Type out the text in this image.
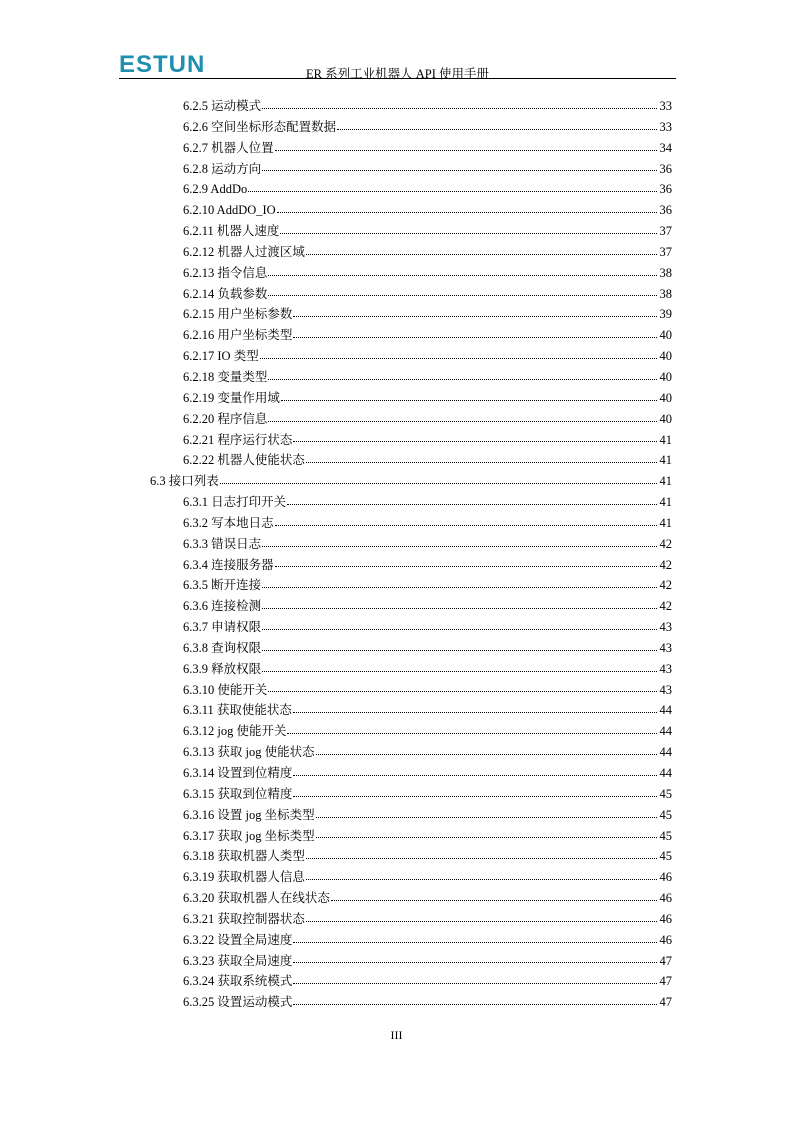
ESTUN	ER 系列工业机器人 API 使用手册
6.2.5 运动模式	33
6.2.6 空间坐标形态配置数据	33
6.2.7 机器人位置	34
6.2.8 运动方向	36
6.2.9 AddDo	36
6.2.10 AddDO_IO	36
6.2.11 机器人速度	37
6.2.12 机器人过渡区域	37
6.2.13 指令信息	38
6.2.14 负载参数	38
6.2.15 用户坐标参数	39
6.2.16 用户坐标类型	40
6.2.17 IO 类型	40
6.2.18 变量类型	40
6.2.19 变量作用域	40
6.2.20 程序信息	40
6.2.21 程序运行状态	41
6.2.22 机器人使能状态	41
6.3 接口列表	41
6.3.1 日志打印开关	41
6.3.2 写本地日志	41
6.3.3 错误日志	42
6.3.4 连接服务器	42
6.3.5 断开连接	42
6.3.6 连接检测	42
6.3.7 申请权限	43
6.3.8 查询权限	43
6.3.9 释放权限	43
6.3.10 使能开关	43
6.3.11 获取使能状态	44
6.3.12 jog 使能开关	44
6.3.13 获取 jog 使能状态	44
6.3.14 设置到位精度	44
6.3.15 获取到位精度	45
6.3.16 设置 jog 坐标类型	45
6.3.17 获取 jog 坐标类型	45
6.3.18 获取机器人类型	45
6.3.19 获取机器人信息	46
6.3.20 获取机器人在线状态	46
6.3.21 获取控制器状态	46
6.3.22 设置全局速度	46
6.3.23 获取全局速度	47
6.3.24 获取系统模式	47
6.3.25 设置运动模式	47
III
